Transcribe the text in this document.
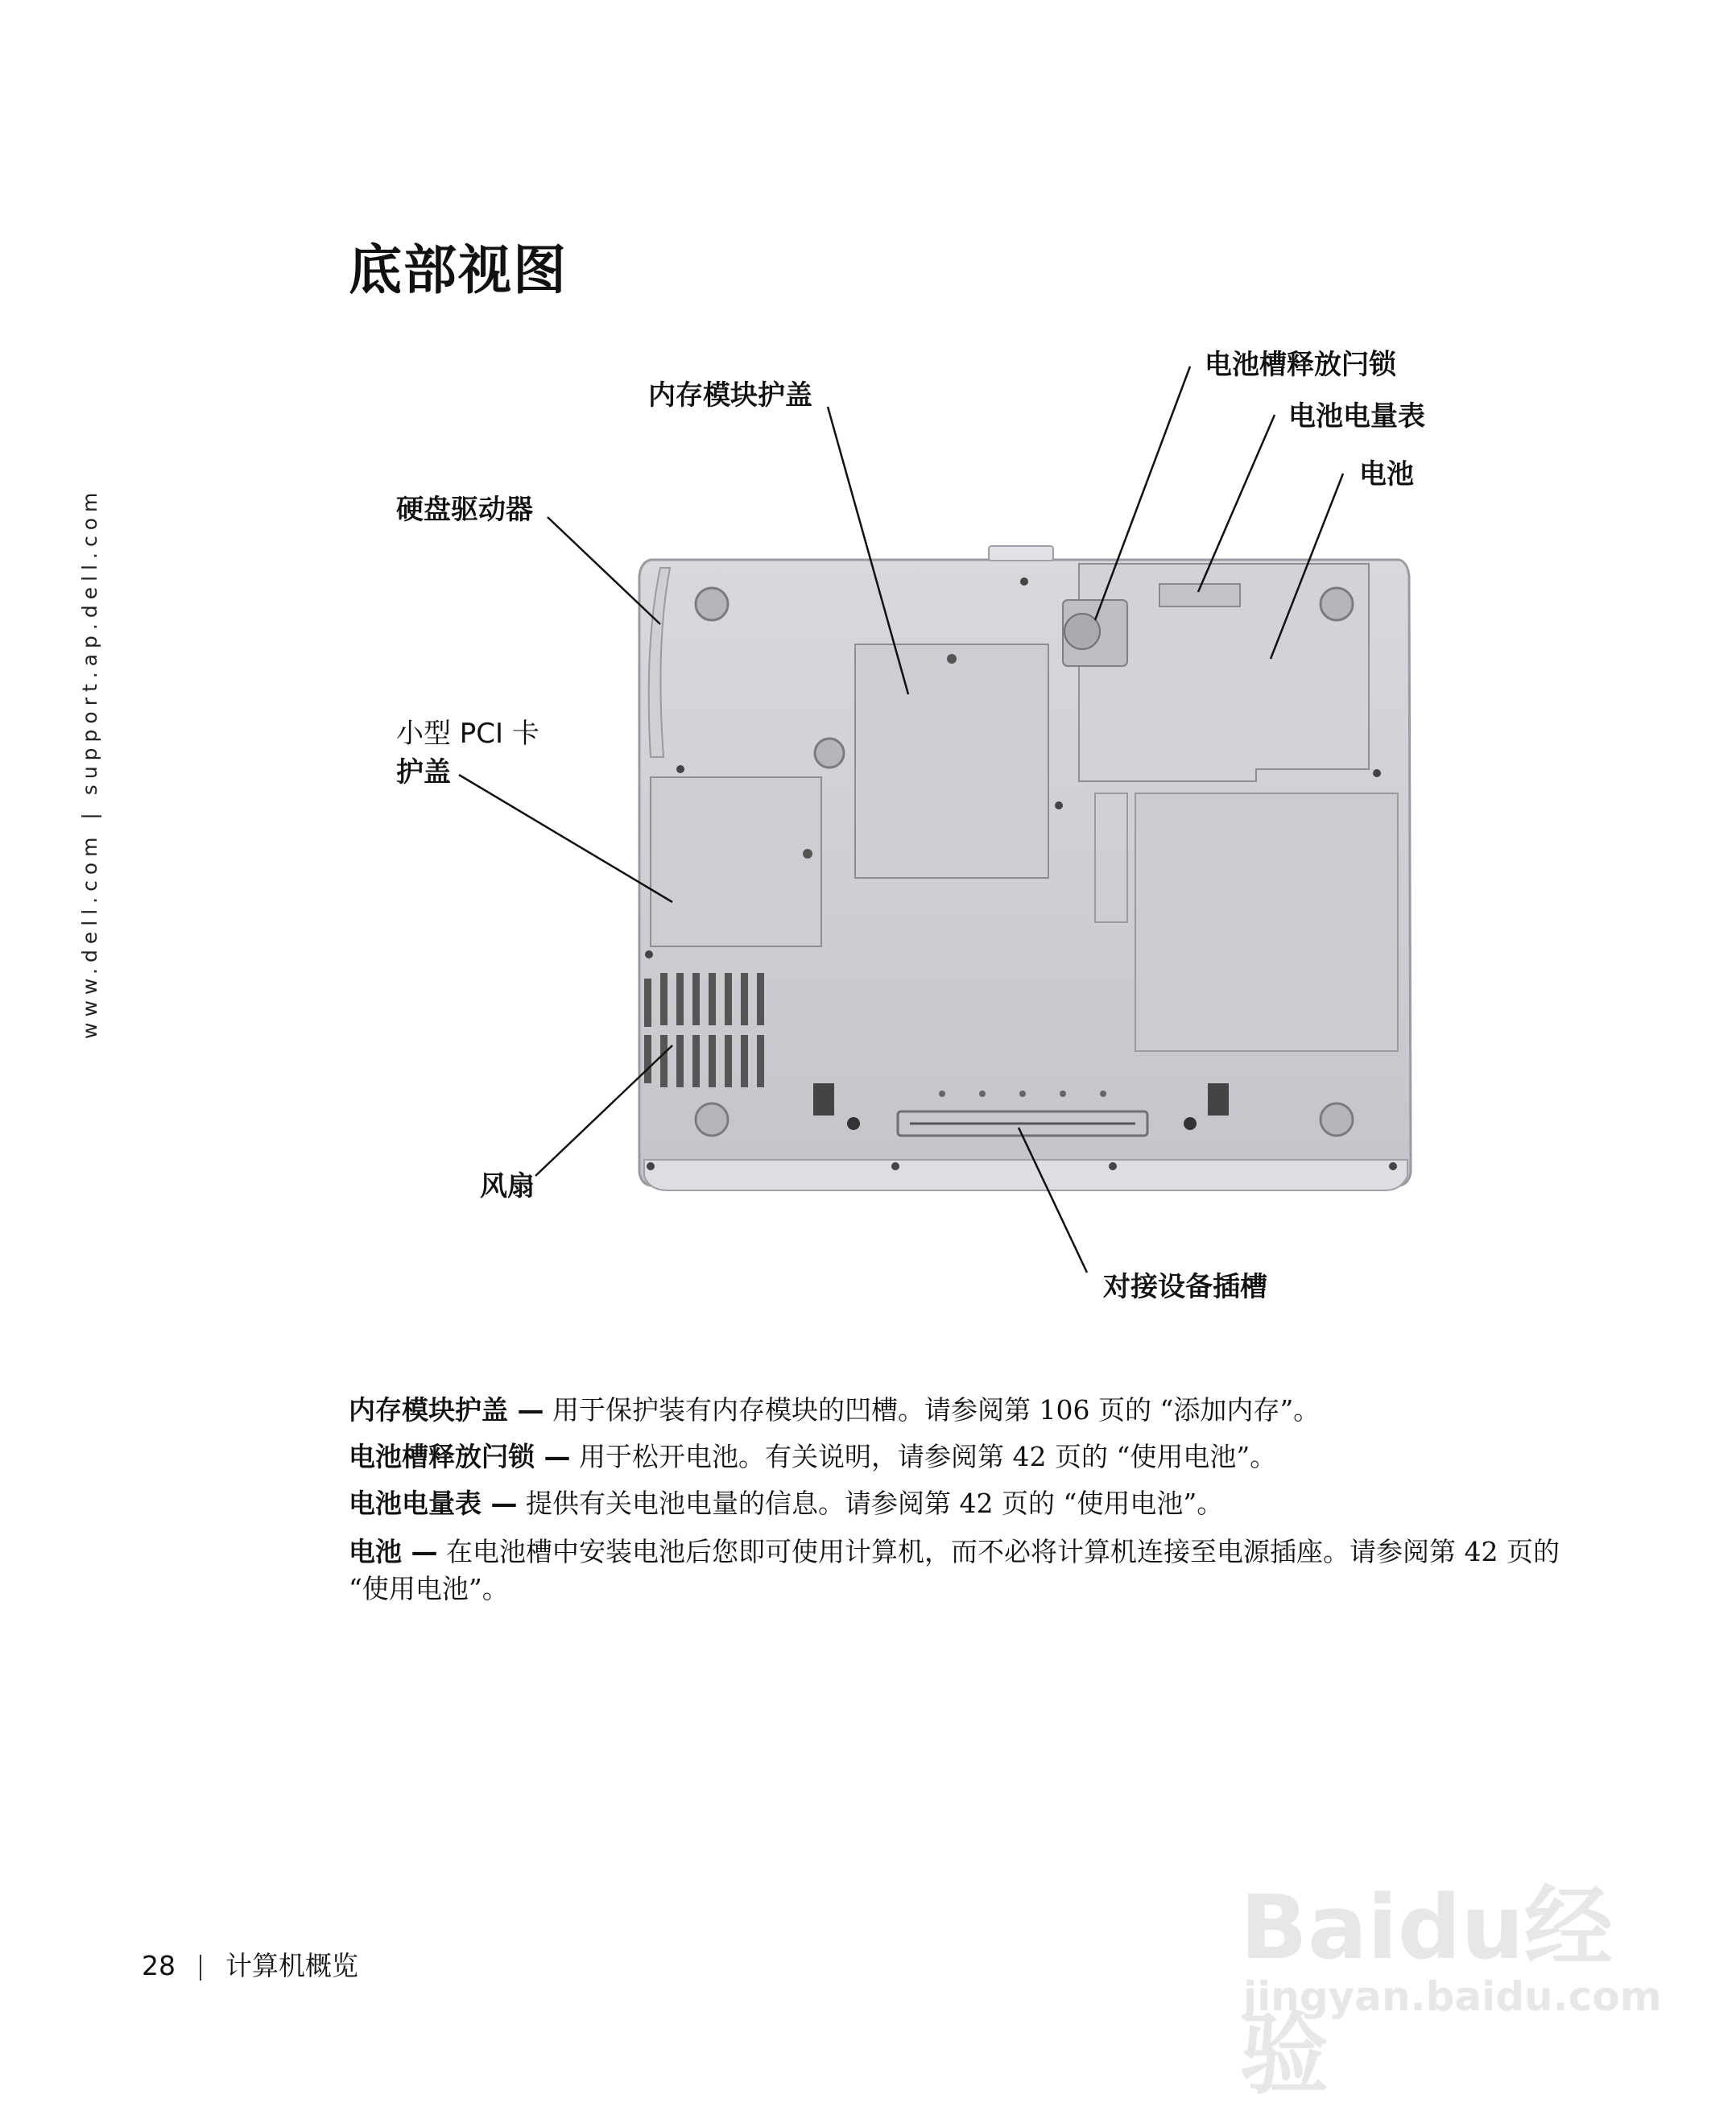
www.dell.com | support.ap.dell.com
底部视图
内存模块护盖
电池槽释放闩锁
电池电量表
电池
硬盘驱动器
小型 PCI 卡
护盖
风扇
对接设备插槽

内存模块护盖 — 用于保护装有内存模块的凹槽。请参阅第 106 页的 “添加内存”。

电池槽释放闩锁 — 用于松开电池。有关说明，请参阅第 42 页的 “使用电池”。

电池电量表 — 提供有关电池电量的信息。请参阅第 42 页的 “使用电池”。

电池 — 在电池槽中安装电池后您即可使用计算机，而不必将计算机连接至电源插座。请参阅第 42 页的 “使用电池”。

28 计算机概览	Baidu经验
jingyan.baidu.com
